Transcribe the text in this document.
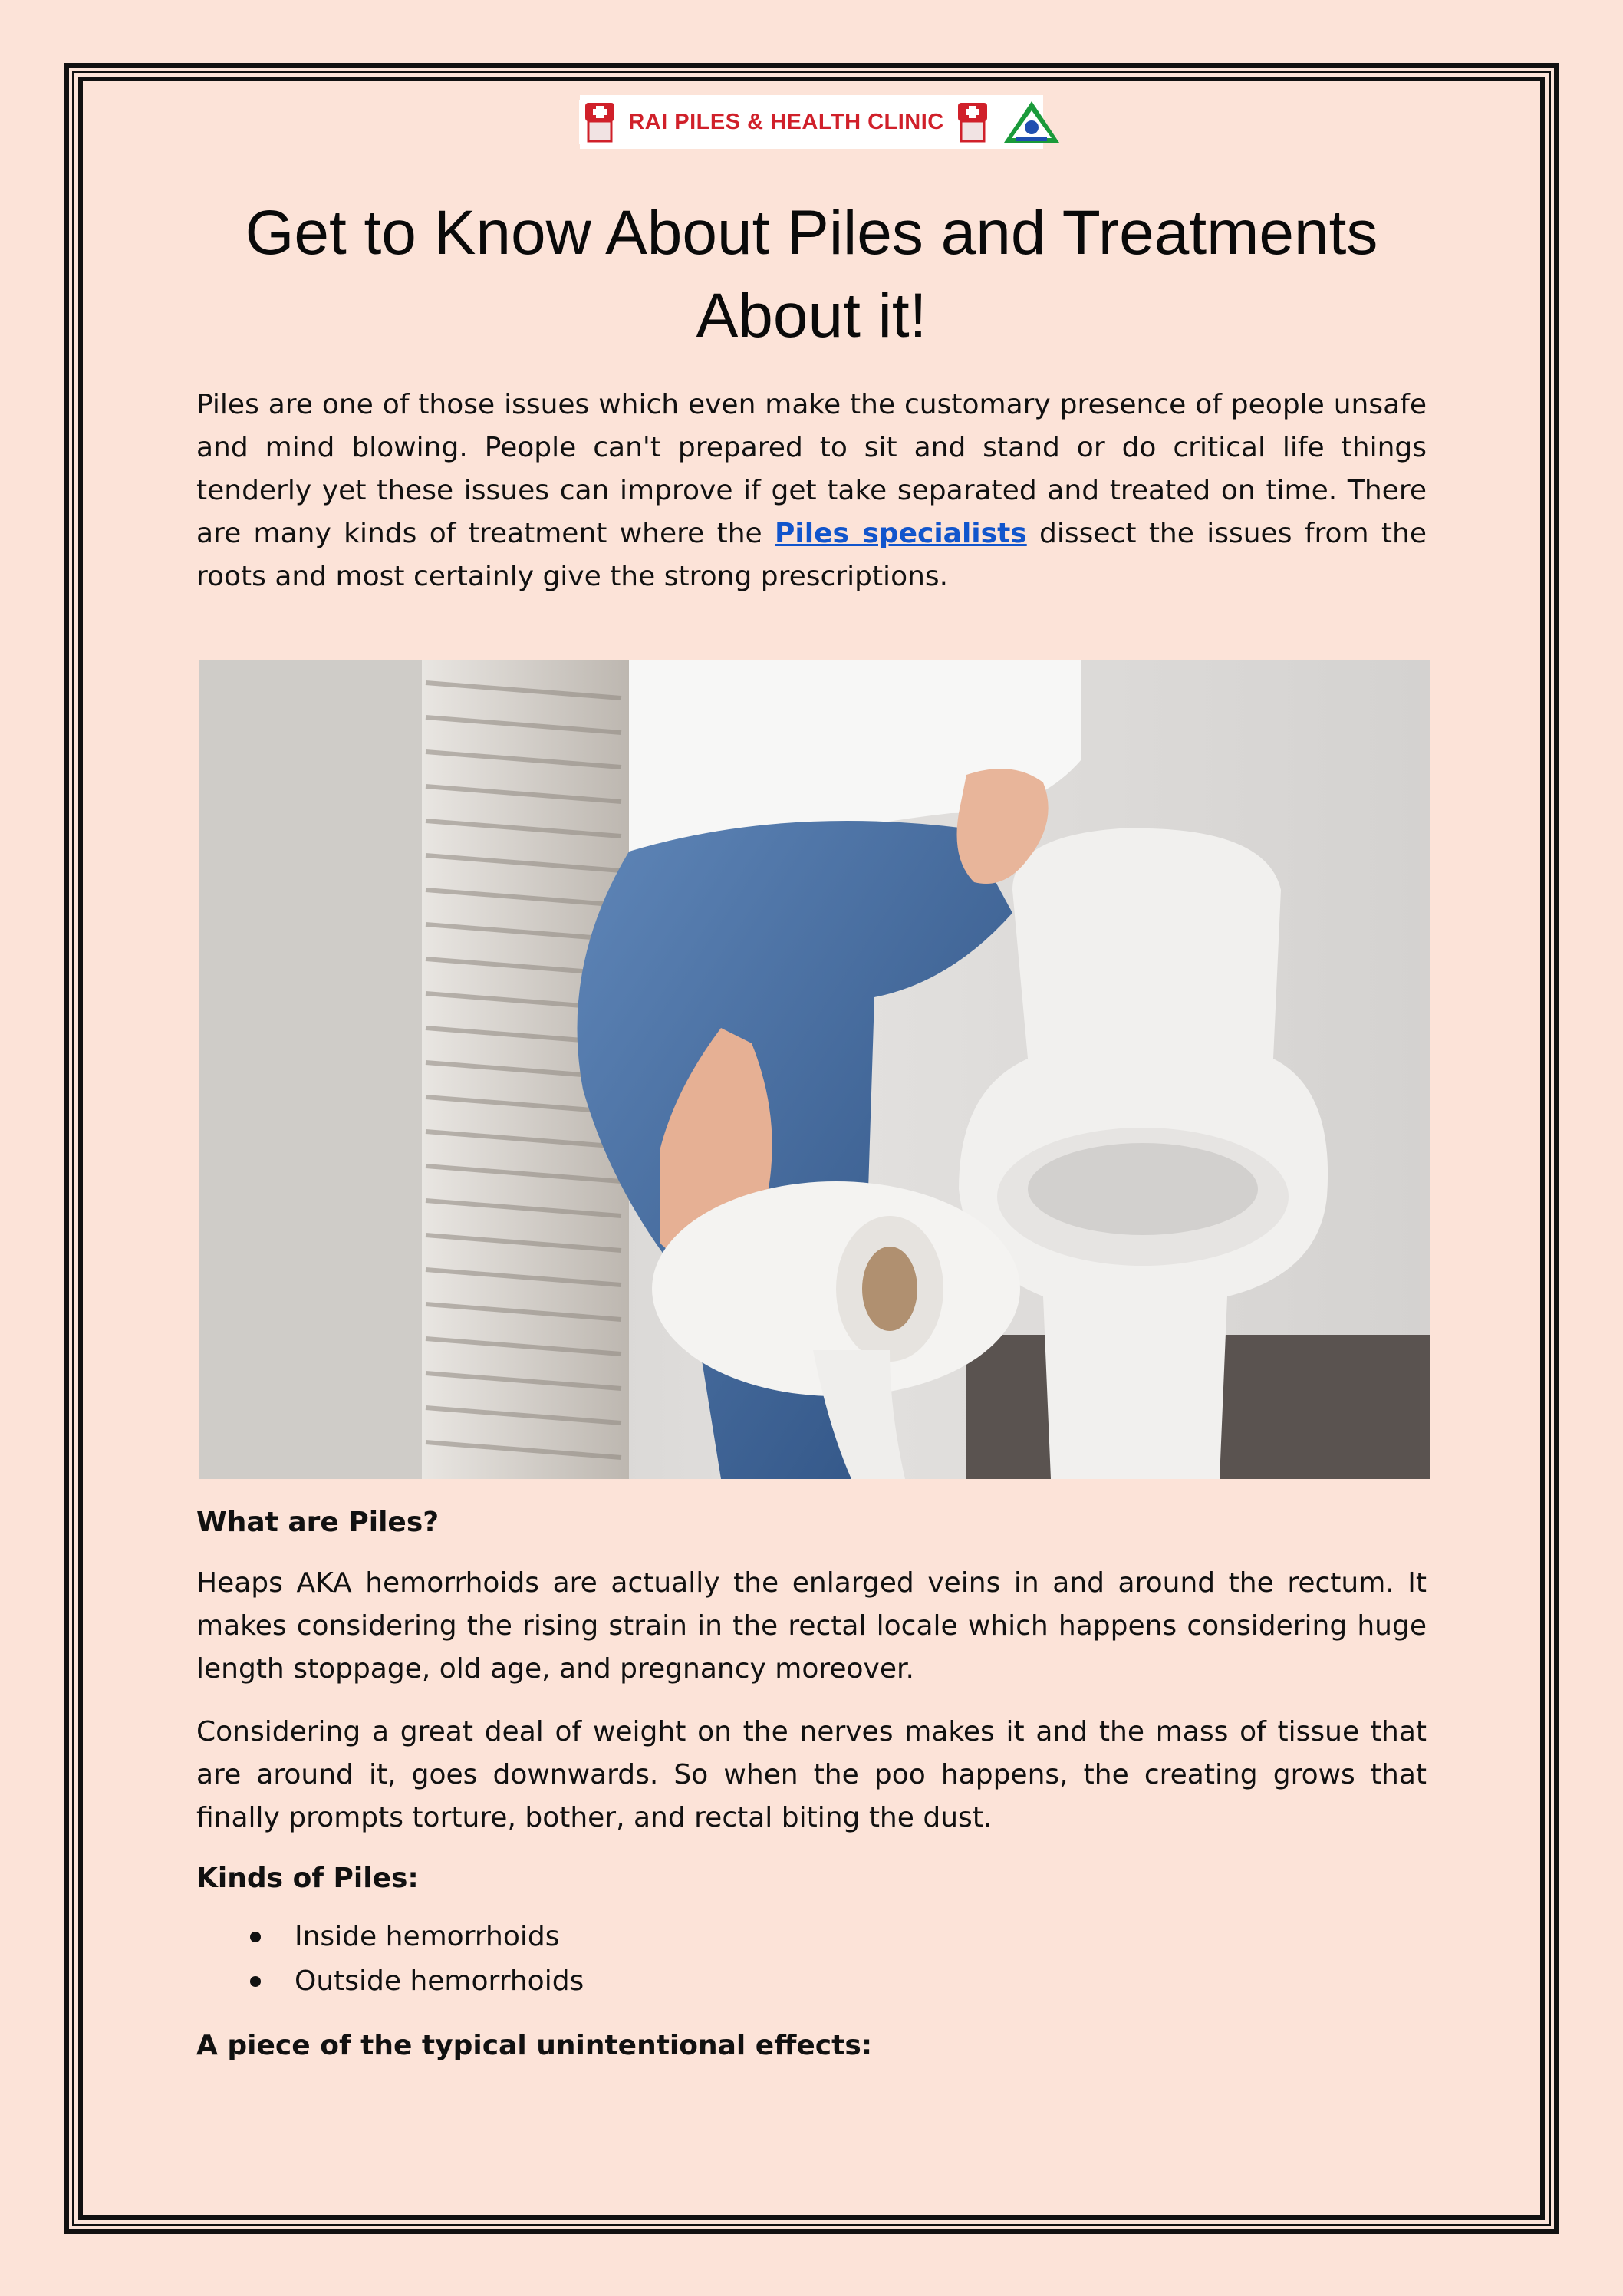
RAI PILES & HEALTH CLINIC
Get to Know About Piles and Treatments About it!

Piles are one of those issues which even make the customary presence of people unsafe and mind blowing. People can't prepared to sit and stand or do critical life things tenderly yet these issues can improve if get take separated and treated on time. There are many kinds of treatment where the Piles specialists dissect the issues from the roots and most certainly give the strong prescriptions.

What are Piles?

Heaps AKA hemorrhoids are actually the enlarged veins in and around the rectum. It makes considering the rising strain in the rectal locale which happens considering huge length stoppage, old age, and pregnancy moreover.

Considering a great deal of weight on the nerves makes it and the mass of tissue that are around it, goes downwards. So when the poo happens, the creating grows that finally prompts torture, bother, and rectal biting the dust.

Kinds of Piles:
Inside hemorrhoids
Outside hemorrhoids
A piece of the typical unintentional effects:
